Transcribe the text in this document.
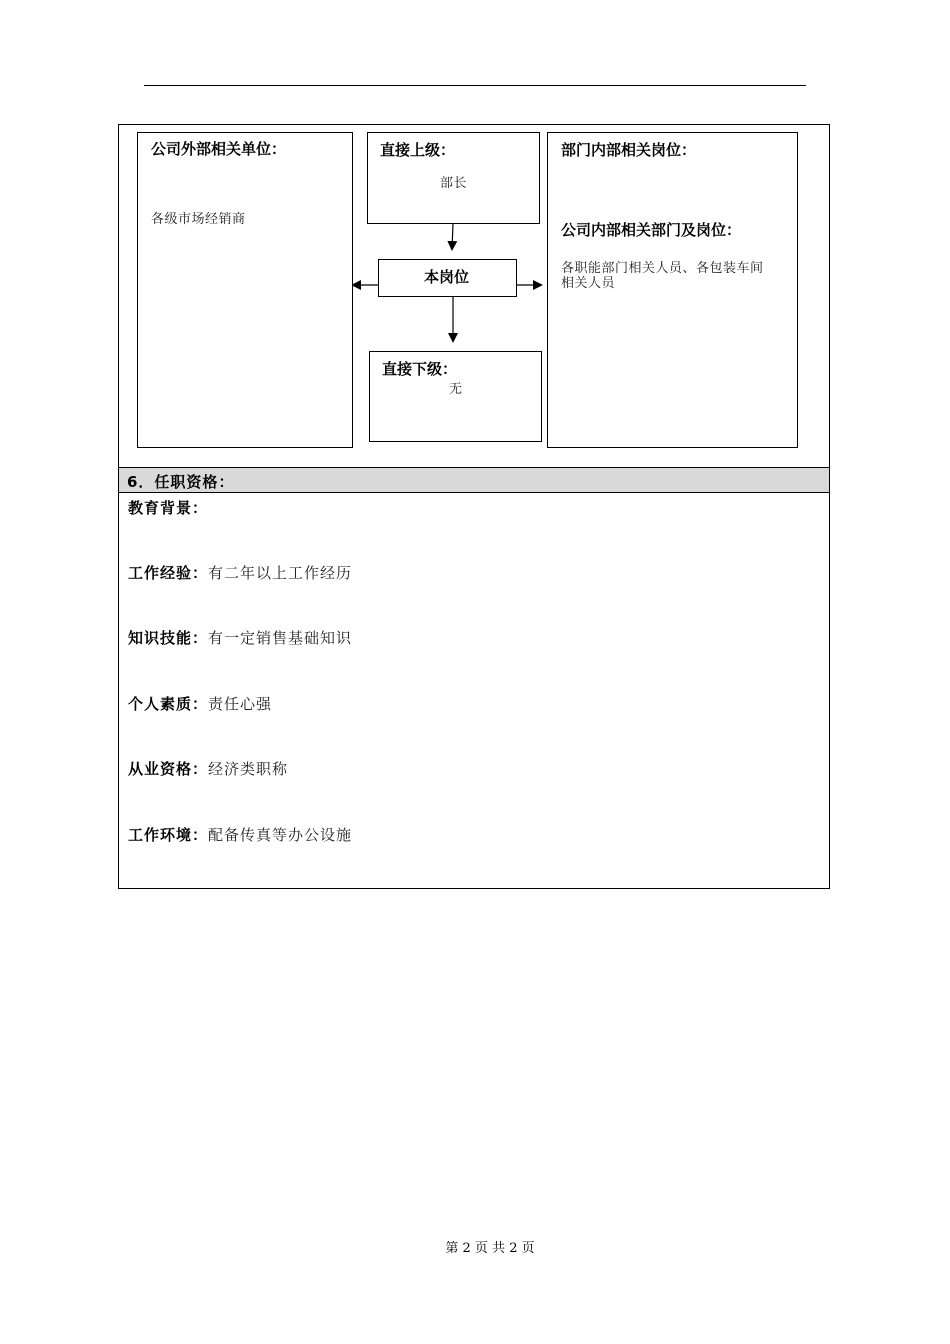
公司外部相关单位：
各级市场经销商
直接上级：
部长
本岗位
直接下级：
无
部门内部相关岗位：
公司内部相关部门及岗位：
各职能部门相关人员、各包装车间
相关人员
6．任职资格：
教育背景：
工作经验：有二年以上工作经历
知识技能：有一定销售基础知识
个人素质：责任心强
从业资格：经济类职称
工作环境：配备传真等办公设施
第 2 页 共 2 页
